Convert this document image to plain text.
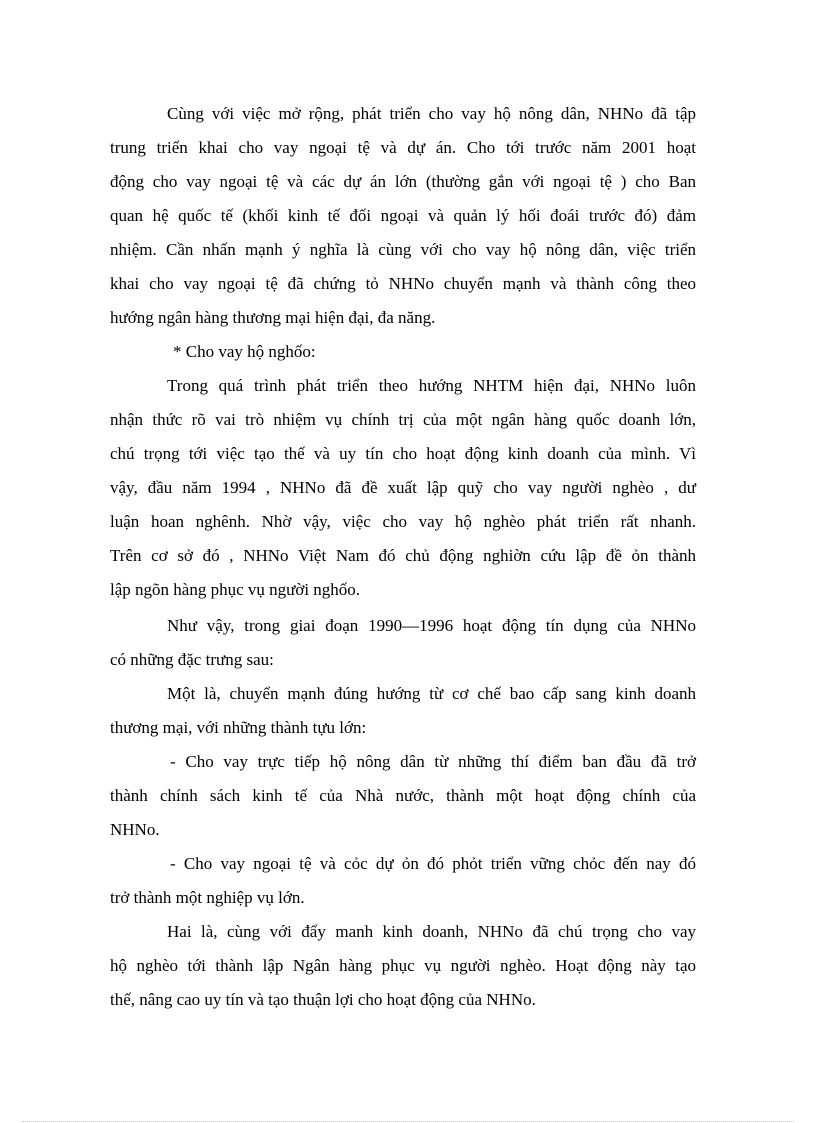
Cùng với việc mở rộng, phát triển cho vay hộ nông dân, NHNo đã tập
trung triển khai cho vay ngoại tệ và dự án. Cho tới trước năm 2001 hoạt
động cho vay ngoại tệ và các dự án lớn (thường gắn với ngoại tệ ) cho Ban
quan hệ quốc tế (khối kinh tế đối ngoại và quản lý hối đoái trước đó) đảm
nhiệm. Cần nhấn mạnh ý nghĩa là cùng với cho vay hộ nông dân, việc triển
khai cho vay ngoại tệ đã chứng tỏ NHNo chuyển mạnh và thành công theo
hướng ngân hàng thương mại hiện đại, đa năng.
* Cho vay hộ nghốo:
Trong quá trình phát triển theo hướng NHTM hiện đại, NHNo luôn
nhận thức rõ vai trò nhiệm vụ chính trị của một ngân hàng quốc doanh lớn,
chú trọng tới việc tạo thế và uy tín cho hoạt động kinh doanh của mình. Vì
vậy, đầu năm 1994 , NHNo đã đề xuất lập quỹ cho vay người nghèo , dư
luận hoan nghênh. Nhờ vậy, việc cho vay hộ nghèo phát triển rất nhanh.
Trên cơ sở đó , NHNo Việt Nam đó chủ động nghiờn cứu lập đề ỏn thành
lập ngõn hàng phục vụ người nghốo.
Như vậy, trong giai đoạn 1990—1996 hoạt động tín dụng của NHNo
có những đặc trưng sau:
Một là, chuyển mạnh đúng hướng từ cơ chế bao cấp sang kinh doanh
thương mại, với những thành tựu lớn:
- Cho vay trực tiếp hộ nông dân từ những thí điểm ban đầu đã trở
thành chính sách kinh tế của Nhà nước, thành một hoạt động chính của
NHNo.
- Cho vay ngoại tệ và cỏc dự ỏn đó phỏt triển vững chỏc đến nay đó
trở thành một nghiệp vụ lớn.
Hai là, cùng với đẩy manh kinh doanh, NHNo đã chú trọng cho vay
hộ nghèo tới thành lập Ngân hàng phục vụ người nghèo. Hoạt động này tạo
thế, nâng cao uy tín và tạo thuận lợi cho hoạt động của NHNo.
